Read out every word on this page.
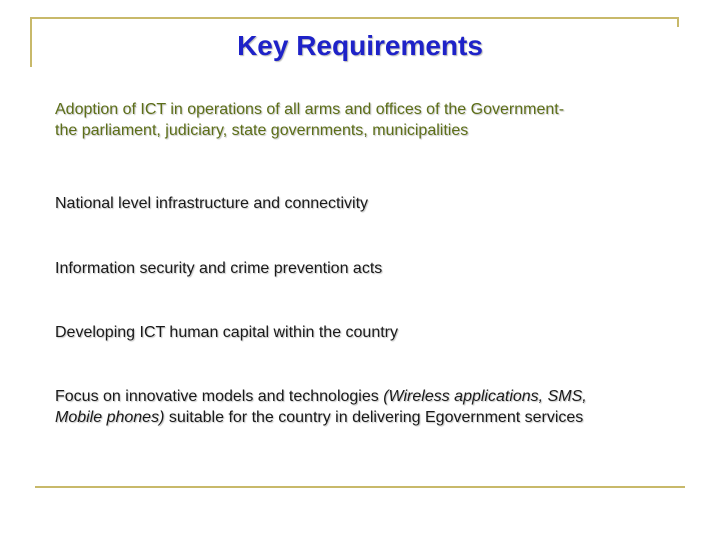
Key Requirements
Adoption of ICT in operations of all arms and offices of the Government-
the parliament, judiciary, state governments, municipalities
National level infrastructure and connectivity
Information security and crime prevention acts
Developing ICT human capital within the country
Focus on innovative models and technologies (Wireless applications, SMS,
Mobile phones) suitable for the country in delivering Egovernment services
